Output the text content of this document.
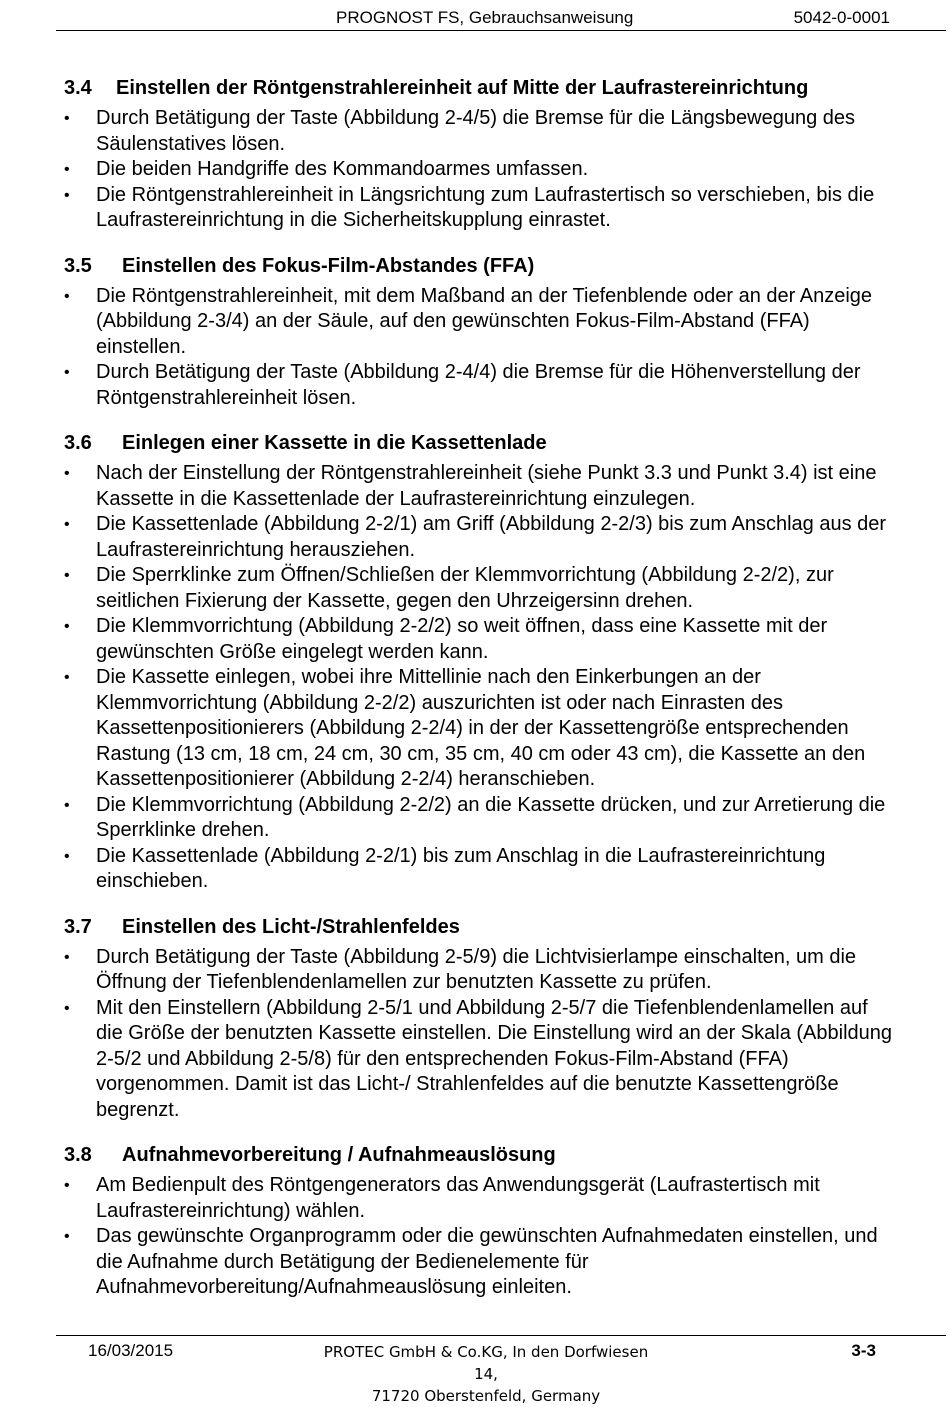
PROGNOST FS, Gebrauchsanweisung	5042-0-0001
3.4 Einstellen der Röntgenstrahlereinheit auf Mitte der Laufrastereinrichtung
• Durch Betätigung der Taste (Abbildung 2-4/5) die Bremse für die Längsbewegung des Säulenstatives lösen.
• Die beiden Handgriffe des Kommandoarmes umfassen.
• Die Röntgenstrahlereinheit in Längsrichtung zum Laufrastertisch so verschieben, bis die Laufrastereinrichtung in die Sicherheitskupplung einrastet.
3.5 Einstellen des Fokus-Film-Abstandes (FFA)
• Die Röntgenstrahlereinheit, mit dem Maßband an der Tiefenblende oder an der Anzeige (Abbildung 2-3/4) an der Säule, auf den gewünschten Fokus-Film-Abstand (FFA) einstellen.
• Durch Betätigung der Taste (Abbildung 2-4/4) die Bremse für die Höhenverstellung der Röntgenstrahlereinheit lösen.
3.6 Einlegen einer Kassette in die Kassettenlade
• Nach der Einstellung der Röntgenstrahlereinheit (siehe Punkt 3.3 und Punkt 3.4) ist eine Kassette in die Kassettenlade der Laufrastereinrichtung einzulegen.
• Die Kassettenlade (Abbildung 2-2/1) am Griff (Abbildung 2-2/3) bis zum Anschlag aus der Laufrastereinrichtung herausziehen.
• Die Sperrklinke zum Öffnen/Schließen der Klemmvorrichtung (Abbildung 2-2/2), zur seitlichen Fixierung der Kassette, gegen den Uhrzeigersinn drehen.
• Die Klemmvorrichtung (Abbildung 2-2/2) so weit öffnen, dass eine Kassette mit der gewünschten Größe eingelegt werden kann.
• Die Kassette einlegen, wobei ihre Mittellinie nach den Einkerbungen an der Klemmvorrichtung (Abbildung 2-2/2) auszurichten ist oder nach Einrasten des Kassettenpositionierers (Abbildung 2-2/4) in der der Kassettengröße entsprechenden Rastung (13 cm, 18 cm, 24 cm, 30 cm, 35 cm, 40 cm oder 43 cm), die Kassette an den Kassettenpositionierer (Abbildung 2-2/4) heranschieben.
• Die Klemmvorrichtung (Abbildung 2-2/2) an die Kassette drücken, und zur Arretierung die Sperrklinke drehen.
• Die Kassettenlade (Abbildung 2-2/1) bis zum Anschlag in die Laufrastereinrichtung einschieben.
3.7 Einstellen des Licht-/Strahlenfeldes
• Durch Betätigung der Taste (Abbildung 2-5/9) die Lichtvisierlampe einschalten, um die Öffnung der Tiefenblendenlamellen zur benutzten Kassette zu prüfen.
• Mit den Einstellern (Abbildung 2-5/1 und Abbildung 2-5/7 die Tiefenblendenlamellen auf die Größe der benutzten Kassette einstellen. Die Einstellung wird an der Skala (Abbildung 2-5/2 und Abbildung 2-5/8) für den entsprechenden Fokus-Film-Abstand (FFA) vorgenommen. Damit ist das Licht-/ Strahlenfeldes auf die benutzte Kassettengröße begrenzt.
3.8 Aufnahmevorbereitung / Aufnahmeauslösung
• Am Bedienpult des Röntgengenerators das Anwendungsgerät (Laufrastertisch mit Laufrastereinrichtung) wählen.
• Das gewünschte Organprogramm oder die gewünschten Aufnahmedaten einstellen, und die Aufnahme durch Betätigung der Bedienelemente für Aufnahmevorbereitung/Aufnahmeauslösung einleiten.
16/03/2015	PROTEC GmbH & Co.KG, In den Dorfwiesen 14,
71720 Oberstenfeld, Germany
3-3
